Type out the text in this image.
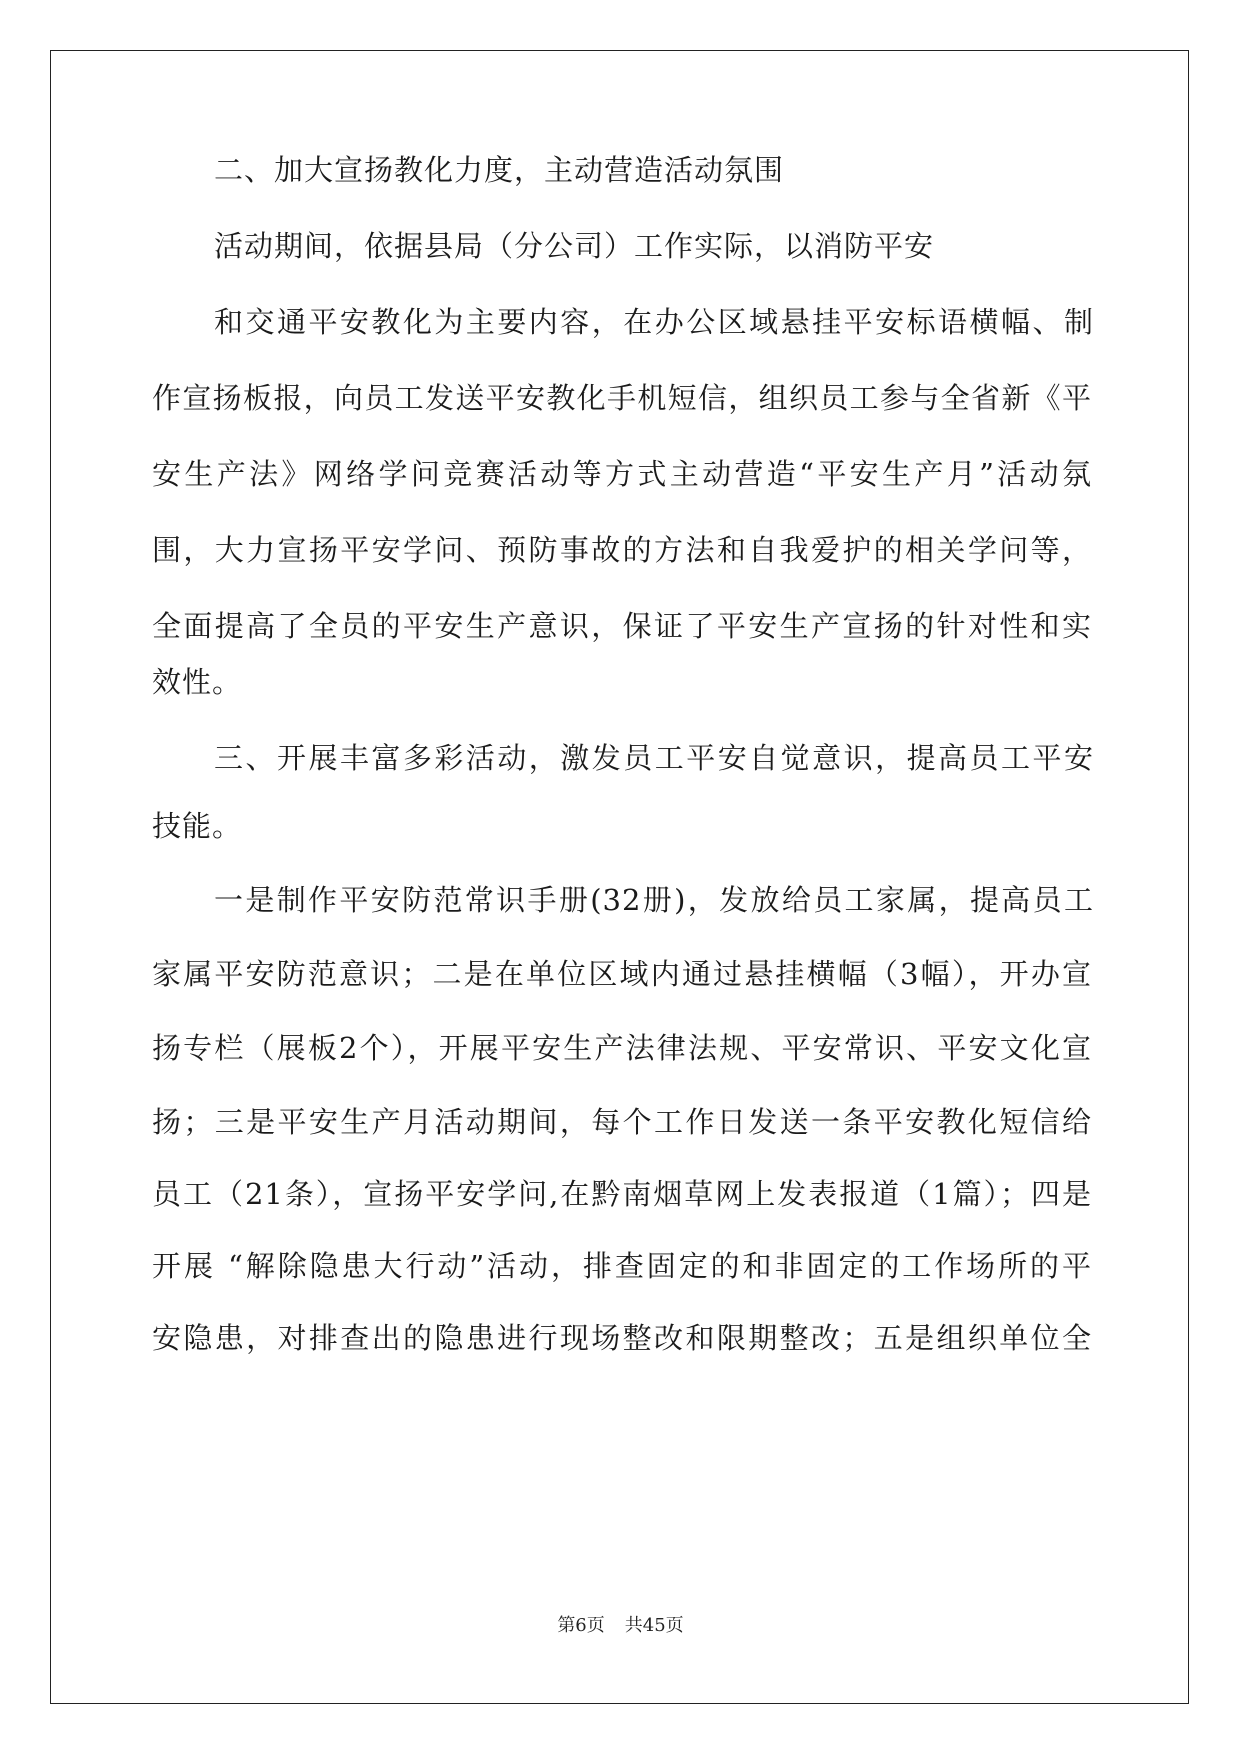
二、加大宣扬教化力度，主动营造活动氛围
活动期间，依据县局（分公司）工作实际，以消防平安
和交通平安教化为主要内容，在办公区域悬挂平安标语横幅、制
作宣扬板报，向员工发送平安教化手机短信，组织员工参与全省新《平
安生产法》网络学问竞赛活动等方式主动营造“平安生产月”活动氛
围，大力宣扬平安学问、预防事故的方法和自我爱护的相关学问等，
全面提高了全员的平安生产意识，保证了平安生产宣扬的针对性和实
效性。
三、开展丰富多彩活动，激发员工平安自觉意识，提高员工平安
技能。
一是制作平安防范常识手册(32册)，发放给员工家属，提高员工
家属平安防范意识；二是在单位区域内通过悬挂横幅（3幅），开办宣
扬专栏（展板2个），开展平安生产法律法规、平安常识、平安文化宣
扬；三是平安生产月活动期间，每个工作日发送一条平安教化短信给
员工（21条），宣扬平安学问,在黔南烟草网上发表报道（1篇）；四是
开展 “解除隐患大行动”活动，排查固定的和非固定的工作场所的平
安隐患，对排查出的隐患进行现场整改和限期整改；五是组织单位全
第6页 共45页
